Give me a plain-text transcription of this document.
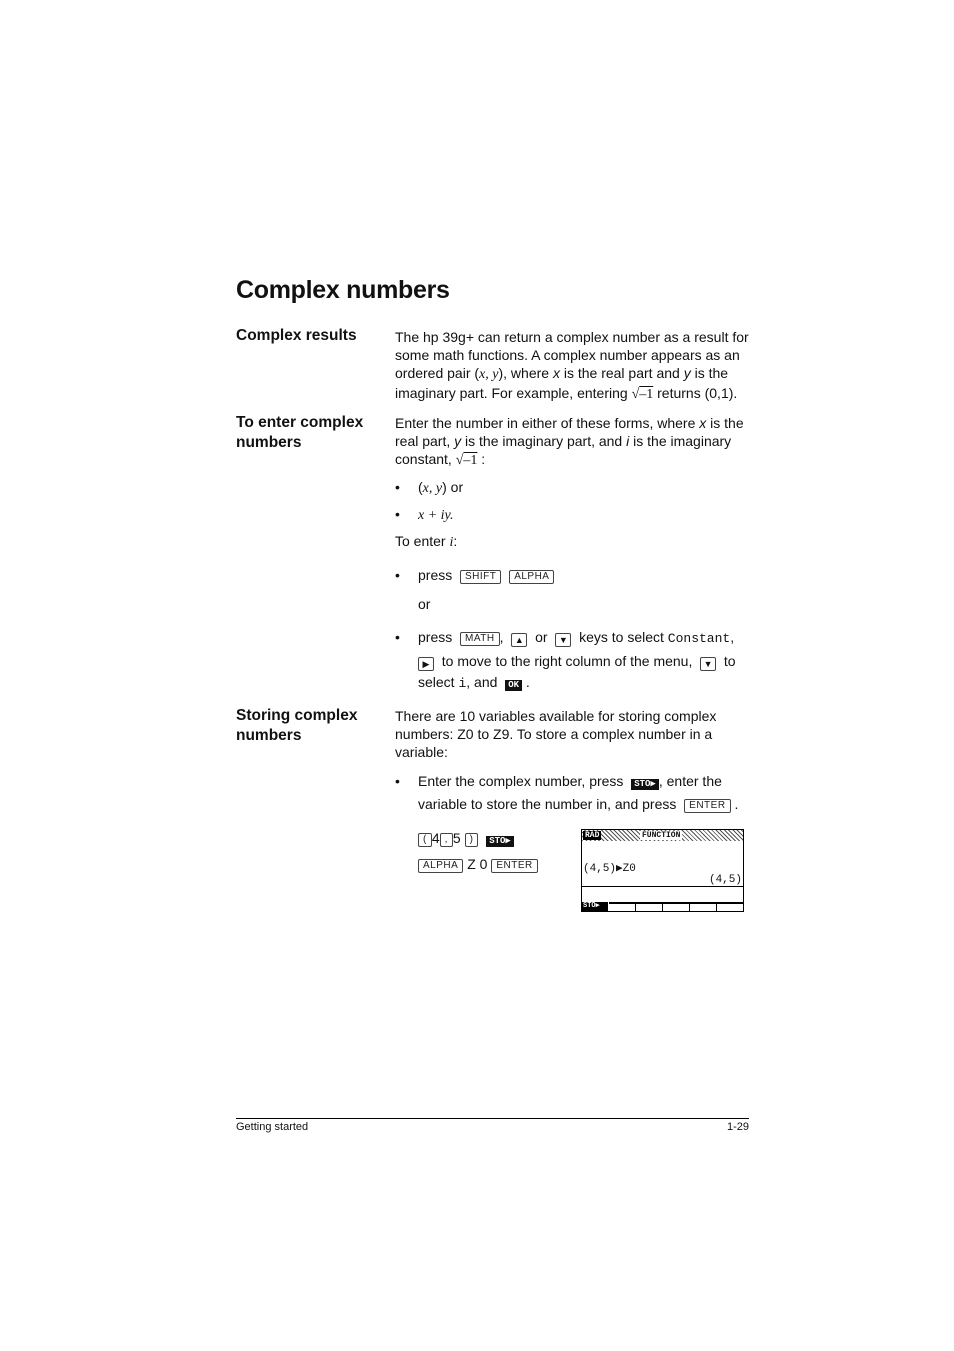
Complex numbers
Complex results	The hp 39g+ can return a complex number as a result for
some math functions. A complex number appears as an
ordered pair (x, y), where x is the real part and y is the
imaginary part. For example, entering √–1 returns (0,1).
To enter complex
numbers
Enter the number in either of these forms, where x is the
real part, y is the imaginary part, and i is the imaginary
constant, √–1 :
• (x, y) or
• x + iy.
To enter i:
• press SHIFT ALPHA
or
• press MATH , ▲ or ▼ keys to select Constant,
▶ to move to the right column of the menu, ▼ to
select i, and OK .
Storing complex
numbers
There are 10 variables available for storing complex
numbers: Z0 to Z9. To store a complex number in a
variable:
• Enter the complex number, press STO▶ , enter the
variable to store the number in, and press ENTER .
( 4 , 5 ) STO▶
ALPHA Z 0 ENTER
RAD	FUNCTION
(4,5)▶Z0
(4,5)
STO▶
Getting started	1-29
